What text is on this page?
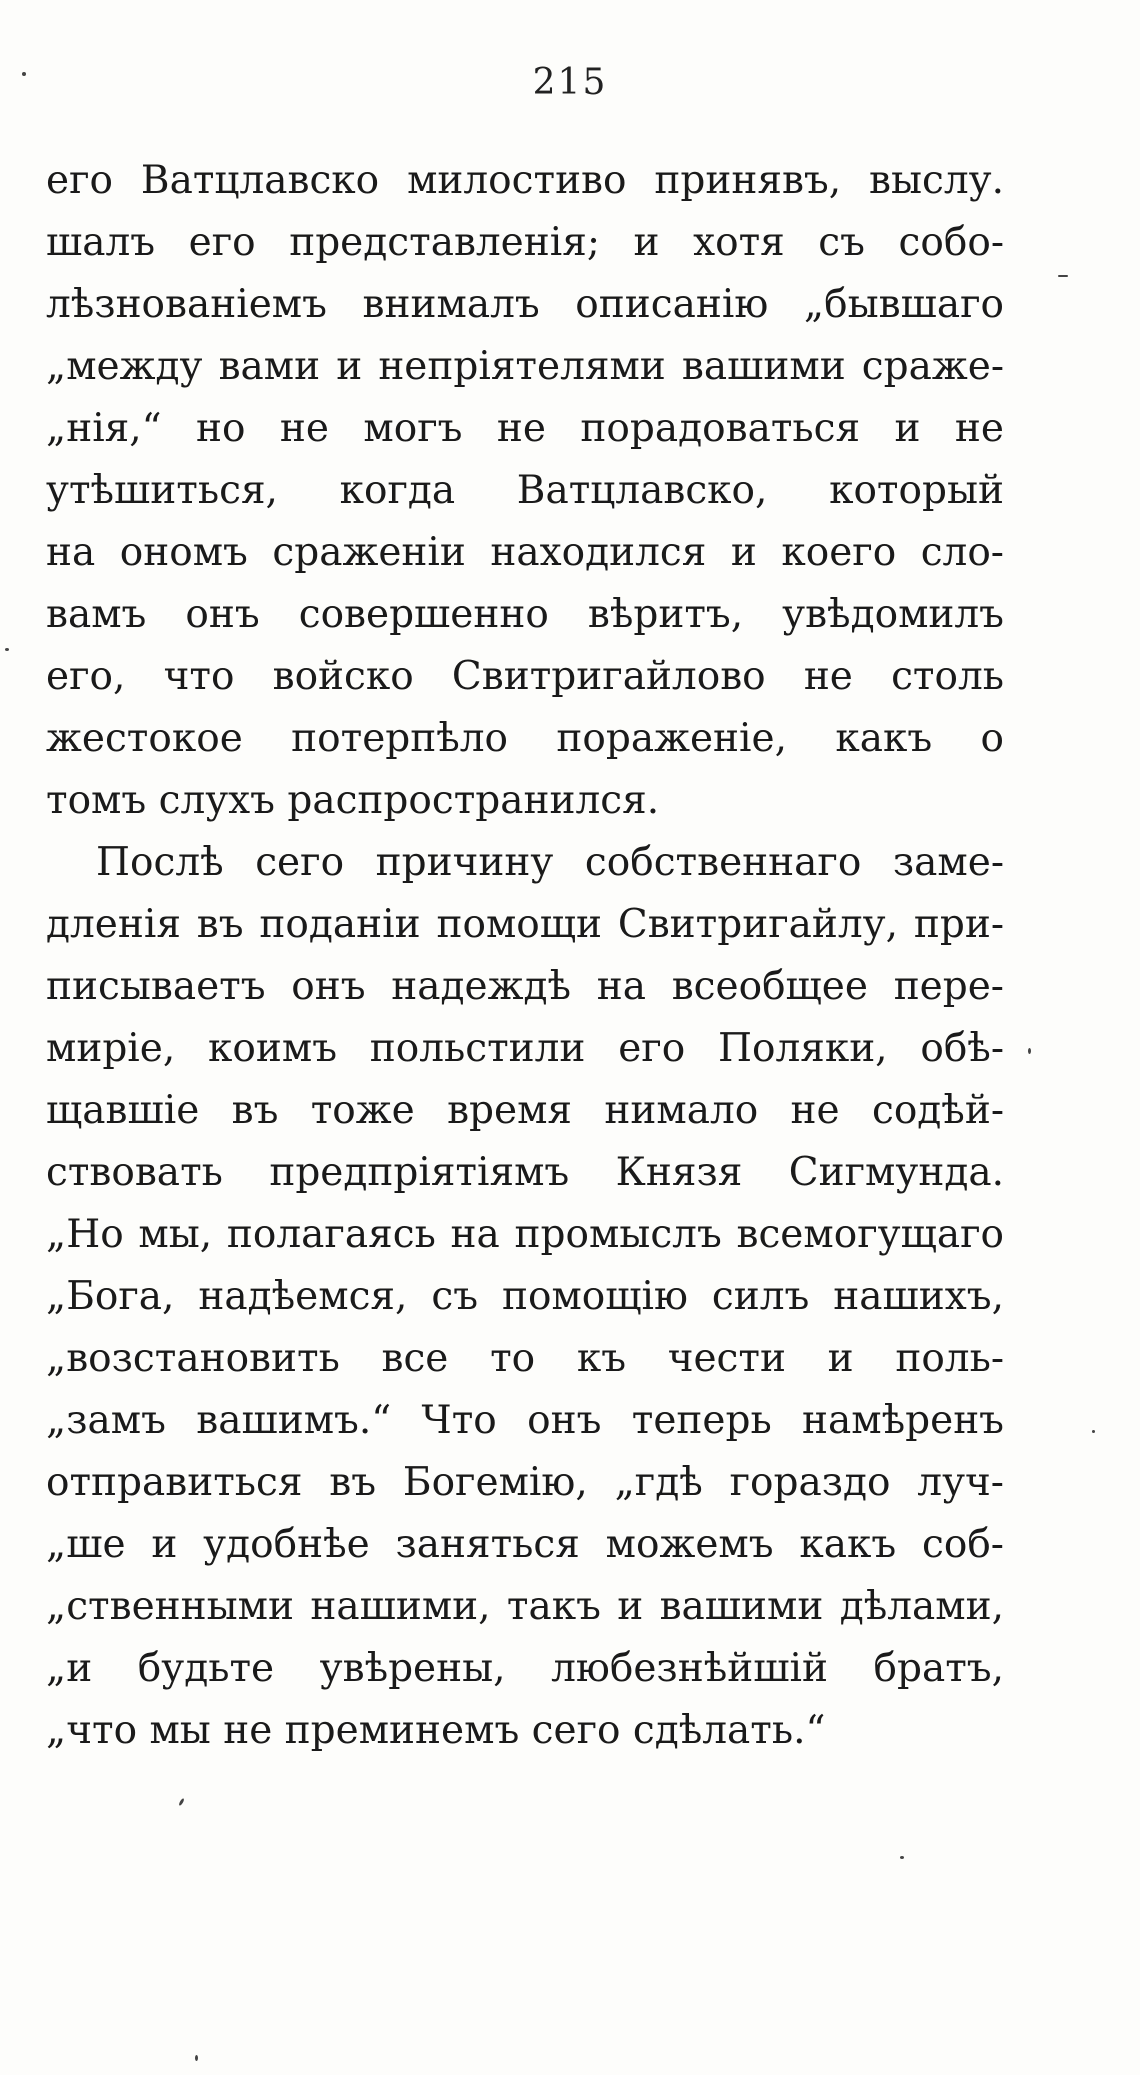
215
его Ватцлавско милостиво принявъ, выслу.
шалъ его представленія; и хотя съ собо-
лѣзнованіемъ внималъ описанію „бывшаго
„между вами и непріятелями вашими сраже-
„нія,“ но не могъ не порадоваться и не
утѣшиться, когда Ватцлавско, который
на ономъ сраженіи находился и коего сло-
вамъ онъ совершенно вѣритъ, увѣдомилъ
его, что войско Свитригайлово не столь
жестокое потерпѣло пораженіе, какъ о
томъ слухъ распространился.
Послѣ сего причину собственнаго заме-
дленія въ поданіи помощи Свитригайлу, при-
писываетъ онъ надеждѣ на всеобщее пере-
миріе, коимъ польстили его Поляки, обѣ-
щавшіе въ тоже время нимало не содѣй-
ствовать предпріятіямъ Князя Сигмунда.
„Но мы, полагаясь на промыслъ всемогущаго
„Бога, надѣемся, съ помощію силъ нашихъ,
„возстановить все то къ чести и поль-
„замъ вашимъ.“ Что онъ теперь намѣренъ
отправиться въ Богемію, „гдѣ гораздо луч-
„ше и удобнѣе заняться можемъ какъ соб-
„ственными нашими, такъ и вашими дѣлами,
„и будьте увѣрены, любезнѣйшій братъ,
„что мы не преминемъ сего сдѣлать.“
